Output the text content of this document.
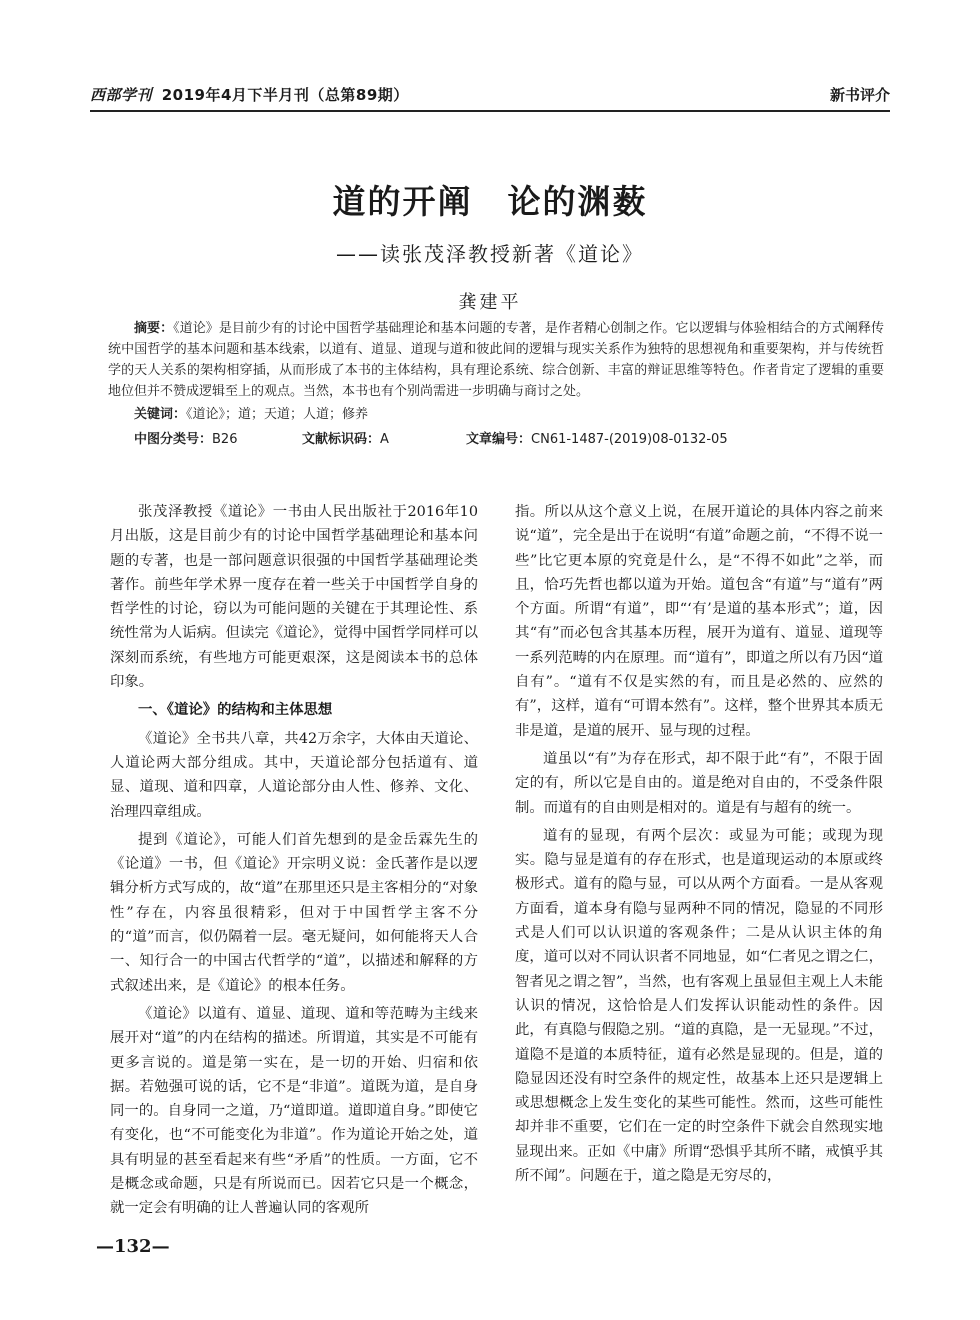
西部学刊 2019年4月下半月刊（总第89期）	新书评介
道的开阐　论的渊薮
——读张茂泽教授新著《道论》
龚建平

摘要：《道论》是目前少有的讨论中国哲学基础理论和基本问题的专著，是作者精心创制之作。它以逻辑与体验相结合的方式阐释传统中国哲学的基本问题和基本线索，以道有、道显、道现与道和彼此间的逻辑与现实关系作为独特的思想视角和重要架构，并与传统哲学的天人关系的架构相穿插，从而形成了本书的主体结构，具有理论系统、综合创新、丰富的辩证思维等特色。作者肯定了逻辑的重要地位但并不赞成逻辑至上的观点。当然，本书也有个别尚需进一步明确与商讨之处。

关键词：《道论》；道；天道；人道；修养
中图分类号：B26	文献标识码：A	文章编号：CN61-1487-(2019)08-0132-05

张茂泽教授《道论》一书由人民出版社于2016年10月出版，这是目前少有的讨论中国哲学基础理论和基本问题的专著，也是一部问题意识很强的中国哲学基础理论类著作。前些年学术界一度存在着一些关于中国哲学自身的哲学性的讨论，窃以为可能问题的关键在于其理论性、系统性常为人诟病。但读完《道论》，觉得中国哲学同样可以深刻而系统，有些地方可能更艰深，这是阅读本书的总体印象。

一、《道论》的结构和主体思想

《道论》全书共八章，共42万余字，大体由天道论、人道论两大部分组成。其中，天道论部分包括道有、道显、道现、道和四章，人道论部分由人性、修养、文化、治理四章组成。

提到《道论》，可能人们首先想到的是金岳霖先生的《论道》一书，但《道论》开宗明义说：金氏著作是以逻辑分析方式写成的，故“道”在那里还只是主客相分的“对象性”存在，内容虽很精彩，但对于中国哲学主客不分的“道”而言，似仍隔着一层。毫无疑问，如何能将天人合一、知行合一的中国古代哲学的“道”，以描述和解释的方式叙述出来，是《道论》的根本任务。

《道论》以道有、道显、道现、道和等范畴为主线来展开对“道”的内在结构的描述。所谓道，其实是不可能有更多言说的。道是第一实在，是一切的开始、归宿和依据。若勉强可说的话，它不是“非道”。道既为道，是自身同一的。自身同一之道，乃“道即道。道即道自身。”即使它有变化，也“不可能变化为非道”。作为道论开始之处，道具有明显的甚至看起来有些“矛盾”的性质。一方面，它不是概念或命题，只是有所说而已。因若它只是一个概念，就一定会有明确的让人普遍认同的客观所

指。所以从这个意义上说，在展开道论的具体内容之前来说“道”，完全是出于在说明“有道”命题之前，“不得不说一些”比它更本原的究竟是什么，是“不得不如此”之举，而且，恰巧先哲也都以道为开始。道包含“有道”与“道有”两个方面。所谓“有道”，即“‘有’是道的基本形式”；道，因其“有”而必包含其基本历程，展开为道有、道显、道现等一系列范畴的内在原理。而“道有”，即道之所以有乃因“道自有”。“道有不仅是实然的有，而且是必然的、应然的有”，这样，道有“可谓本然有”。这样，整个世界其本质无非是道，是道的展开、显与现的过程。

道虽以“有”为存在形式，却不限于此“有”，不限于固定的有，所以它是自由的。道是绝对自由的，不受条件限制。而道有的自由则是相对的。道是有与超有的统一。

道有的显现，有两个层次：或显为可能；或现为现实。隐与显是道有的存在形式，也是道现运动的本原或终极形式。道有的隐与显，可以从两个方面看。一是从客观方面看，道本身有隐与显两种不同的情况，隐显的不同形式是人们可以认识道的客观条件；二是从认识主体的角度，道可以对不同认识者不同地显，如“仁者见之谓之仁，智者见之谓之智”，当然，也有客观上虽显但主观上人未能认识的情况，这恰恰是人们发挥认识能动性的条件。因此，有真隐与假隐之别。“道的真隐，是一无显现。”不过，道隐不是道的本质特征，道有必然是显现的。但是，道的隐显因还没有时空条件的规定性，故基本上还只是逻辑上或思想概念上发生变化的某些可能性。然而，这些可能性却并非不重要，它们在一定的时空条件下就会自然现实地显现出来。正如《中庸》所谓“恐惧乎其所不睹，戒慎乎其所不闻”。问题在于，道之隐是无穷尽的，

—132—
